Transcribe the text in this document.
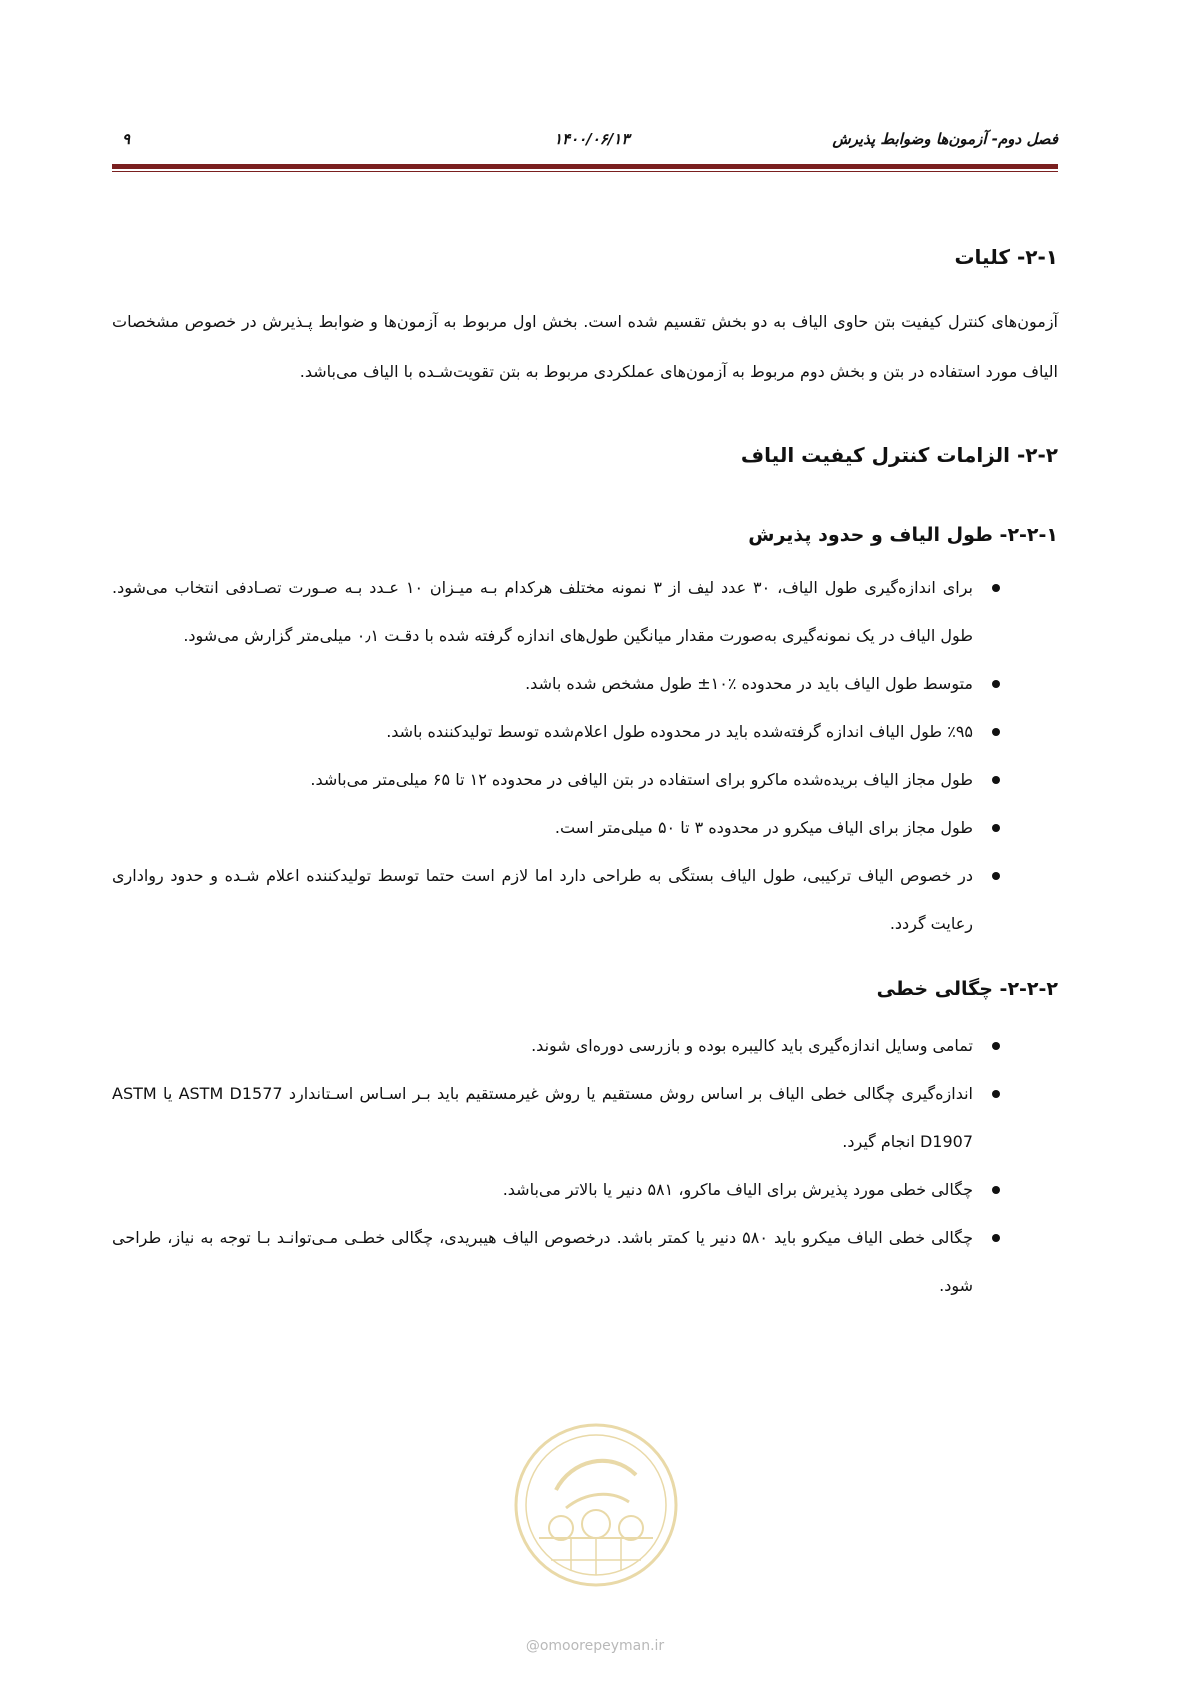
فصل دوم- آزمون‌ها وضوابط پذیرش
۱۴۰۰/۰۶/۱۳
۹
۲-۱- کلیات

آزمون‌های کنترل کیفیت بتن حاوی الیاف به دو بخش تقسیم شده است. بخش اول مربوط به آزمون‌ها و ضوابط پـذیرش در خصوص مشخصات الیاف مورد استفاده در بتن و بخش دوم مربوط به آزمون‌های عملکردی مربوط به بتن تقویت‌شـده با الیاف می‌باشد.

۲-۲- الزامات کنترل کیفیت الیاف
۲-۲-۱- طول الیاف و حدود پذیرش
برای اندازه‌گیری طول الیاف، ۳۰ عدد لیف از ۳ نمونه مختلف هرکدام بـه میـزان ۱۰ عـدد بـه صـورت تصـادفی انتخاب می‌شود. طول الیاف در یک نمونه‌گیری به‌صورت مقدار میانگین طول‌های اندازه گرفته شده با دقـت ۰٫۱ میلی‌متر گزارش می‌شود.
متوسط طول الیاف باید در محدوده ٪۱۰± طول مشخص شده باشد.
٪۹۵ طول الیاف اندازه گرفته‌شده باید در محدوده طول اعلام‌شده توسط تولیدکننده باشد.
طول مجاز الیاف بریده‌شده ماکرو برای استفاده در بتن الیافی در محدوده ۱۲ تا ۶۵ میلی‌متر می‌باشد.
طول مجاز برای الیاف میکرو در محدوده ۳ تا ۵۰ میلی‌متر است.
در خصوص الیاف ترکیبی، طول الیاف بستگی به طراحی دارد اما لازم است حتما توسط تولیدکننده اعلام شـده و حدود رواداری رعایت گردد.
۲-۲-۲- چگالی خطی
تمامی وسایل اندازه‌گیری باید کالیبره بوده و بازرسی دوره‌ای شوند.
اندازه‌گیری چگالی خطی الیاف بر اساس روش مستقیم یا روش غیرمستقیم باید بـر اسـاس اسـتاندارد ASTM D1577 یا ASTM D1907 انجام گیرد.
چگالی خطی مورد پذیرش برای الیاف ماکرو، ۵۸۱ دنیر یا بالاتر می‌باشد.
چگالی خطی الیاف میکرو باید ۵۸۰ دنیر یا کمتر باشد. درخصوص الیاف هیبریدی، چگالی خطـی مـی‌توانـد بـا توجه به نیاز، طراحی شود.
@omoorepeyman.ir
